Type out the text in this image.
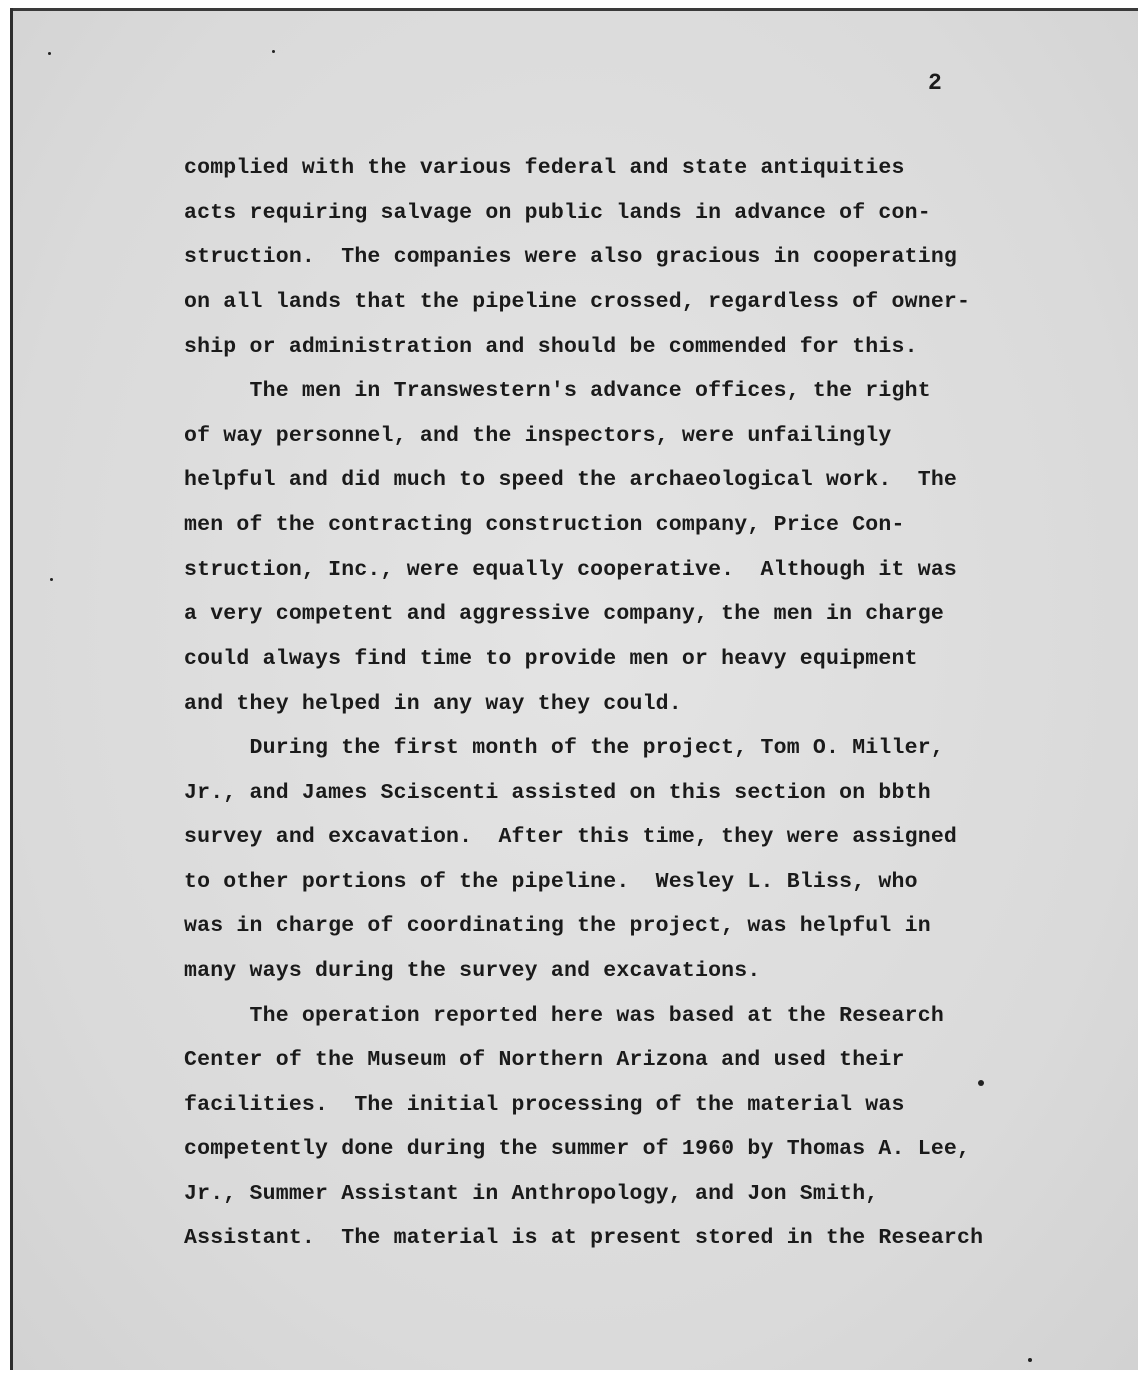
2
complied with the various federal and state antiquities
acts requiring salvage on public lands in advance of con-
struction.  The companies were also gracious in cooperating
on all lands that the pipeline crossed, regardless of owner-
ship or administration and should be commended for this.
The men in Transwestern's advance offices, the right
of way personnel, and the inspectors, were unfailingly
helpful and did much to speed the archaeological work.  The
men of the contracting construction company, Price Con-
struction, Inc., were equally cooperative.  Although it was
a very competent and aggressive company, the men in charge
could always find time to provide men or heavy equipment
and they helped in any way they could.
During the first month of the project, Tom O. Miller,
Jr., and James Sciscenti assisted on this section on bbth
survey and excavation.  After this time, they were assigned
to other portions of the pipeline.  Wesley L. Bliss, who
was in charge of coordinating the project, was helpful in
many ways during the survey and excavations.
The operation reported here was based at the Research
Center of the Museum of Northern Arizona and used their
facilities.  The initial processing of the material was
competently done during the summer of 1960 by Thomas A. Lee,
Jr., Summer Assistant in Anthropology, and Jon Smith,
Assistant.  The material is at present stored in the Research
